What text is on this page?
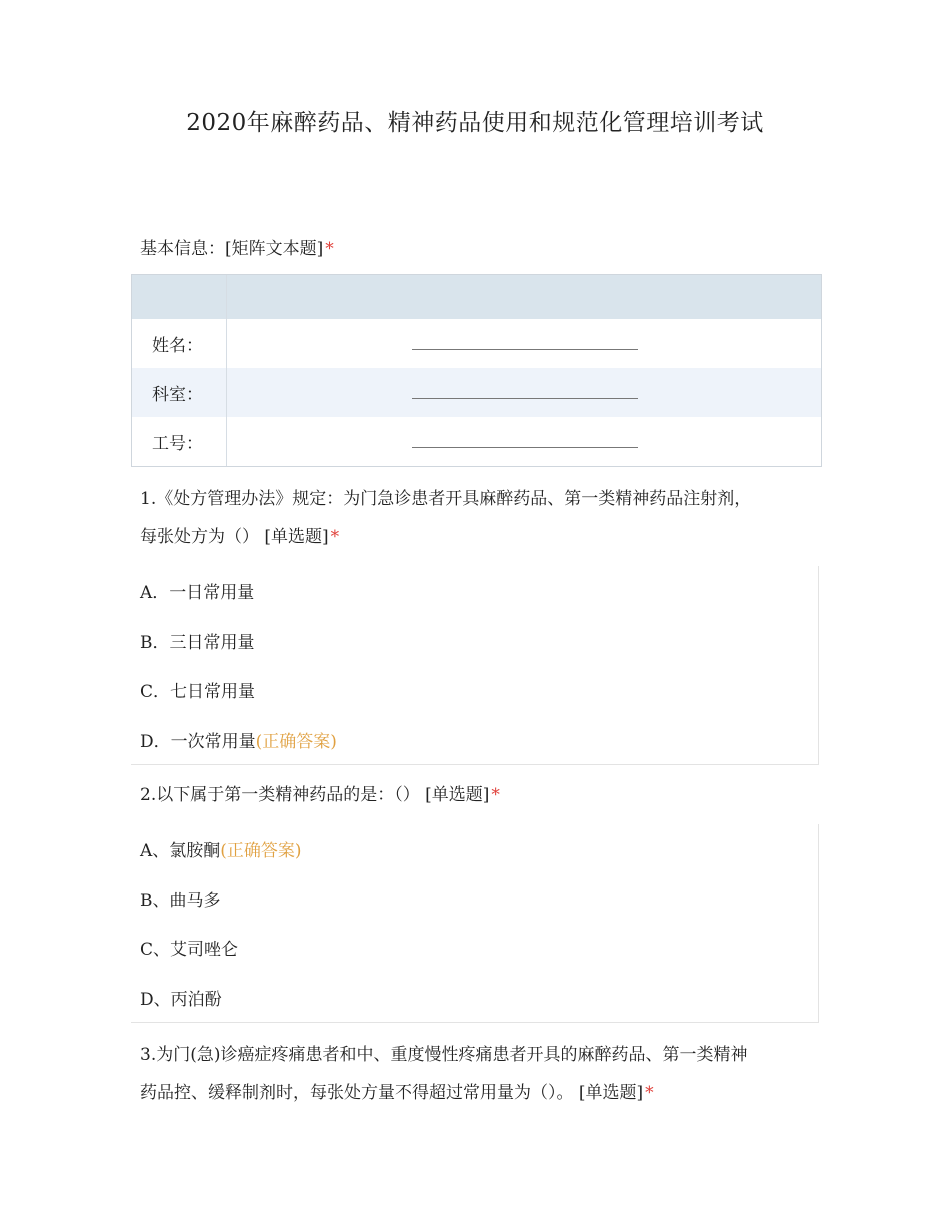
2020年麻醉药品、精神药品使用和规范化管理培训考试
基本信息：[矩阵文本题] *
姓名：
科室：
工号：
1.《处方管理办法》规定：为门急诊患者开具麻醉药品、第一类精神药品注射剂，
每张处方为（） [单选题] *
A．一日常用量
B．三日常用量
C．七日常用量
D．一次常用量 (正确答案)
2.以下属于第一类精神药品的是：（） [单选题] *
A、氯胺酮 (正确答案)
B、曲马多
C、艾司唑仑
D、丙泊酚
3.为门(急)诊癌症疼痛患者和中、重度慢性疼痛患者开具的麻醉药品、第一类精神
药品控、缓释制剂时，每张处方量不得超过常用量为（）。 [单选题] *
